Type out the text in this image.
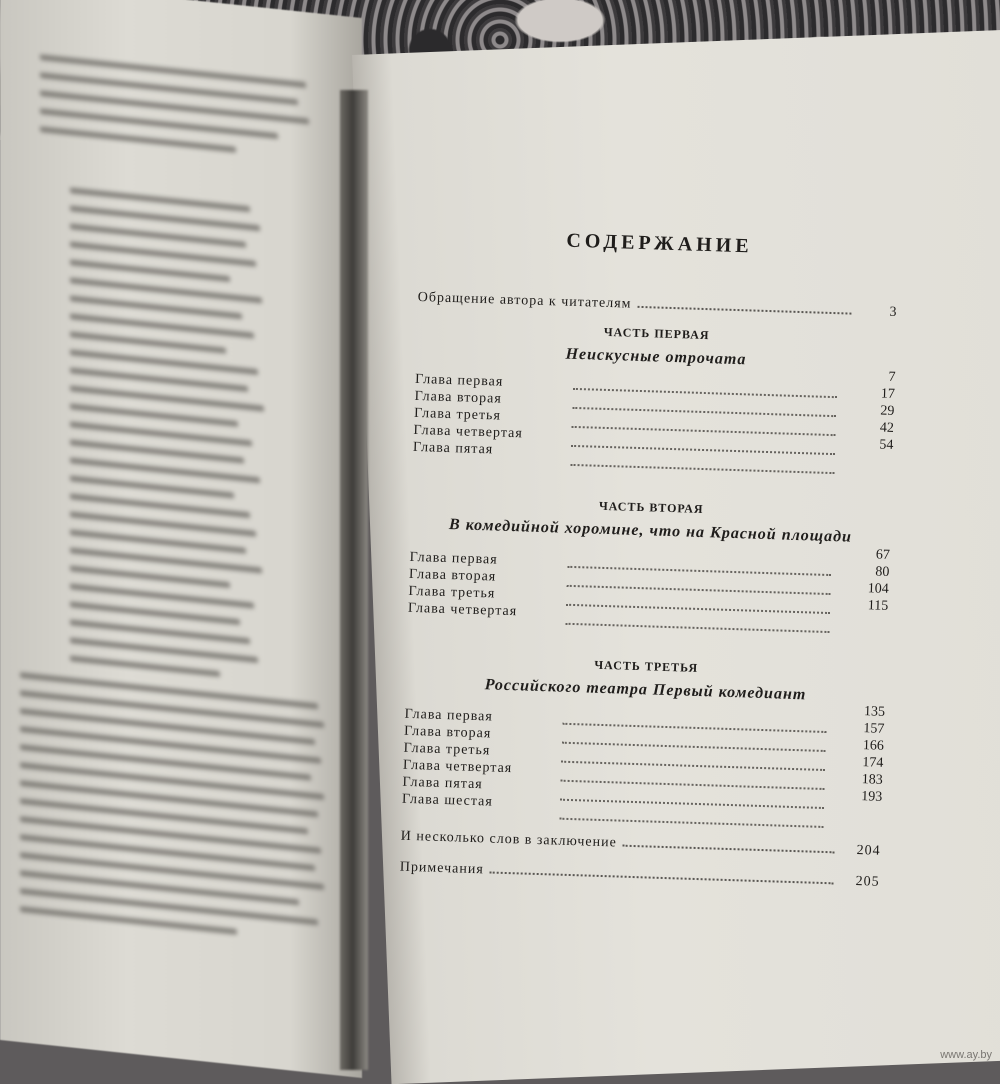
СОДЕРЖАНИЕ
Обращение автора к читателям
3
ЧАСТЬ ПЕРВАЯ
Неискусные отрочата
Глава первая
Глава вторая
Глава третья
Глава четвертая
Глава пятая
7
17
29
42
54
ЧАСТЬ ВТОРАЯ
В комедийной хоромине, что на Красной площади
Глава первая
Глава вторая
Глава третья
Глава четвертая
67
80
104
115
ЧАСТЬ ТРЕТЬЯ
Российского театра Первый комедиант
Глава первая
Глава вторая
Глава третья
Глава четвертая
Глава пятая
Глава шестая
135
157
166
174
183
193
И несколько слов в заключение
204
Примечания
205
www.ay.by
